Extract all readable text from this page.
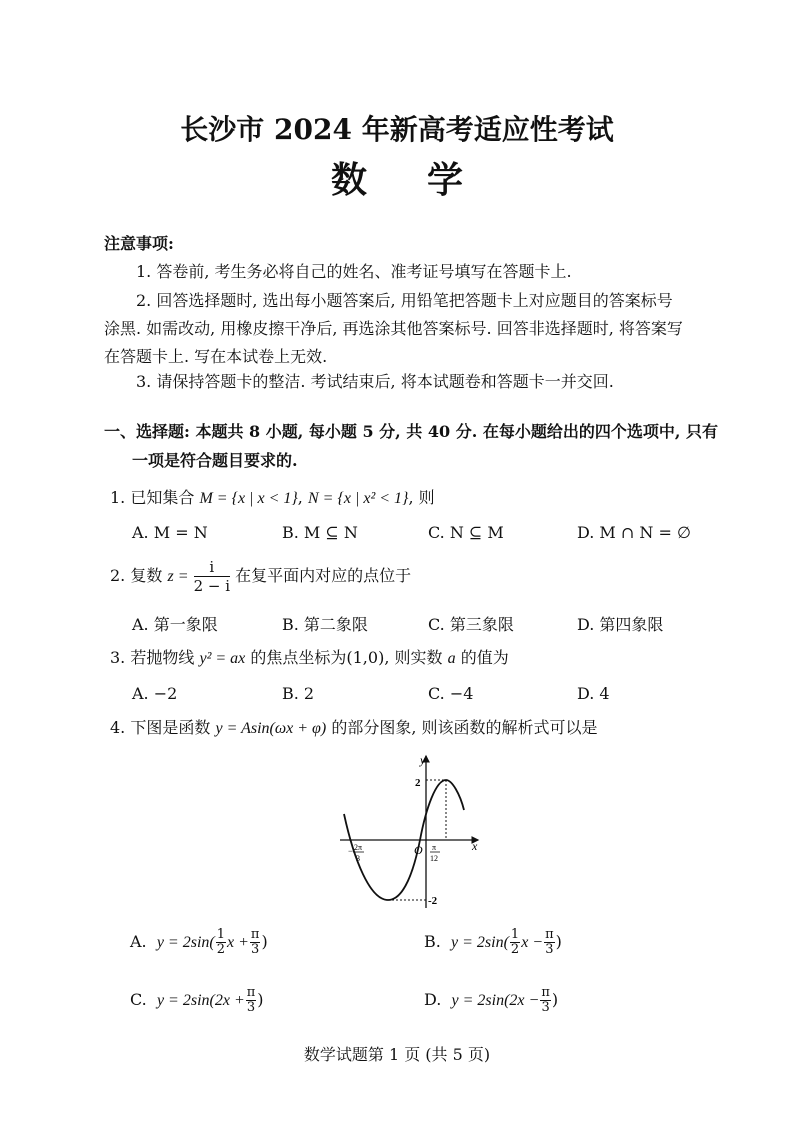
长沙市 2024 年新高考适应性考试
数学
注意事项:
1. 答卷前, 考生务必将自己的姓名、准考证号填写在答题卡上.
2. 回答选择题时, 选出每小题答案后, 用铅笔把答题卡上对应题目的答案标号
涂黑. 如需改动, 用橡皮擦干净后, 再选涂其他答案标号. 回答非选择题时, 将答案写
在答题卡上. 写在本试卷上无效.
3. 请保持答题卡的整洁. 考试结束后, 将本试题卷和答题卡一并交回.
一、选择题: 本题共 8 小题, 每小题 5 分, 共 40 分. 在每小题给出的四个选项中, 只有
一项是符合题目要求的.
1. 已知集合 M = {x | x < 1}, N = {x | x² < 1}, 则
A. M = N	B. M ⊆ N	C. N ⊆ M	D. M ∩ N = ∅
2. 复数 $z = \frac{i}{2 - i}$ 在复平面内对应的点位于
A. 第一象限	B. 第二象限	C. 第三象限	D. 第四象限
3. 若抛物线 y² = ax 的焦点坐标为(1,0), 则实数 a 的值为
A. −2	B. 2	C. −4	D. 4
4. 下图是函数 y = Asin(ωx + φ) 的部分图象, 则该函数的解析式可以是
y
x
O
2
-2
− 2π
3
π
12
A. $y = 2\sin( \frac{1}{2}$ $x + \frac{\pi}{3}$ )	B. $y = 2\sin( \frac{1}{2}$ $x - \frac{\pi}{3}$ )
C. $y = 2\sin(2x + \frac{\pi}{3}$ )	D. $y = 2\sin(2x - \frac{\pi}{3}$ )
数学试题第 1 页 (共 5 页)
